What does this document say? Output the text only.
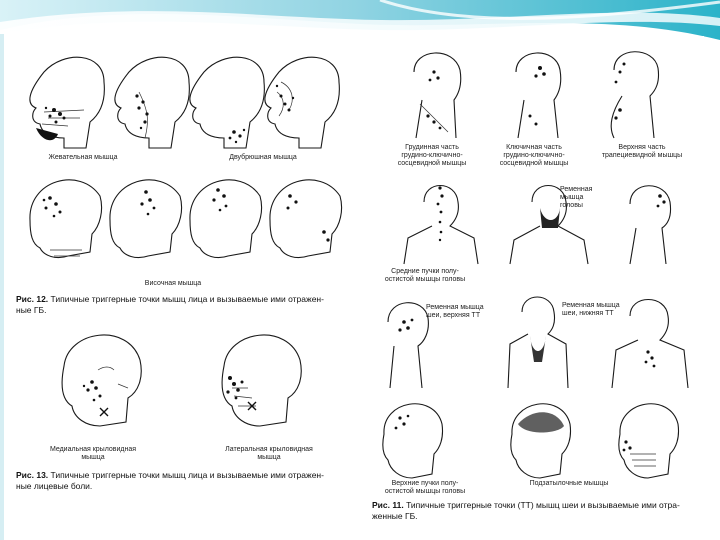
Жевательная мышца	Двубрюшная мышца
Височная мышца
Рис. 12. Типичные триггерные точки мышц лица и вызываемые ими отражен-ные ГБ.
Медиальная крыловидная
мышца
Латеральная крыловидная
мышца
Рис. 13. Типичные триггерные точки мышц лица и вызываемые ими отражен-ные лицевые боли.
Грудинная часть
грудино-ключично-
сосцевидной мышцы
Ключичная часть
грудино-ключично-
сосцевидной мышцы
Верхняя часть
трапециевидной мышцы
Ременная
мышца
головы
Средние пучки полу-
остистой мышцы головы
Ременная мышца
шеи, верхняя ТТ
Ременная мышца
шеи, нижняя ТТ
Верхние пучки полу-
остистой мышцы головы
Подзатылочные мышцы
Рис. 11. Типичные триггерные точки (ТТ) мышц шеи и вызываемые ими отра-женные ГБ.
